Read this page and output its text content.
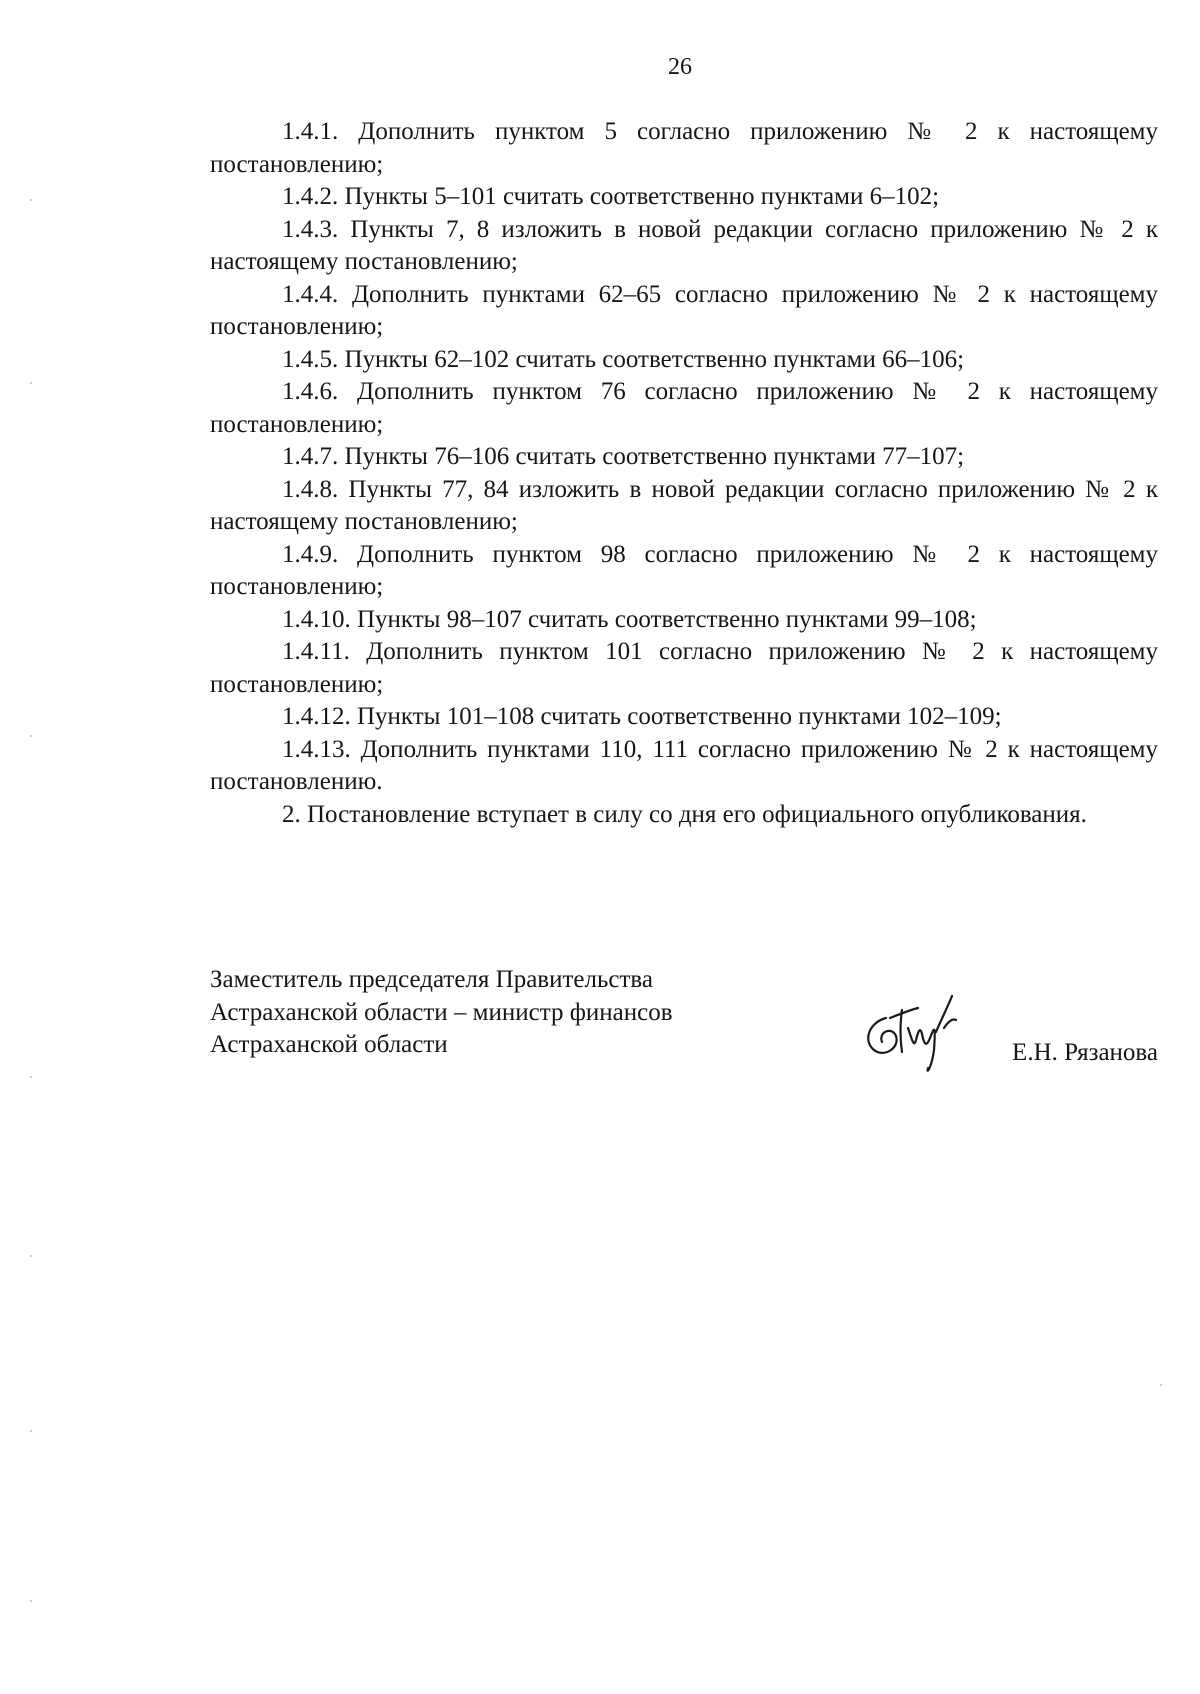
26

1.4.1. Дополнить пунктом 5 согласно приложению № 2 к настоящему постановлению;

1.4.2. Пункты 5–101 считать соответственно пунктами 6–102;

1.4.3. Пункты 7, 8 изложить в новой редакции согласно приложению № 2 к настоящему постановлению;

1.4.4. Дополнить пунктами 62–65 согласно приложению № 2 к настоящему постановлению;

1.4.5. Пункты 62–102 считать соответственно пунктами 66–106;

1.4.6. Дополнить пунктом 76 согласно приложению № 2 к настоящему постановлению;

1.4.7. Пункты 76–106 считать соответственно пунктами 77–107;

1.4.8. Пункты 77, 84 изложить в новой редакции согласно приложению № 2 к настоящему постановлению;

1.4.9. Дополнить пунктом 98 согласно приложению № 2 к настоящему постановлению;

1.4.10. Пункты 98–107 считать соответственно пунктами 99–108;

1.4.11. Дополнить пунктом 101 согласно приложению № 2 к настоящему постановлению;

1.4.12. Пункты 101–108 считать соответственно пунктами 102–109;

1.4.13. Дополнить пунктами 110, 111 согласно приложению № 2 к настоящему постановлению.

2. Постановление вступает в силу со дня его официального опубликования.

Заместитель председателя Правительства
Астраханской области – министр финансов
Астраханской области	Е.Н. Рязанова
